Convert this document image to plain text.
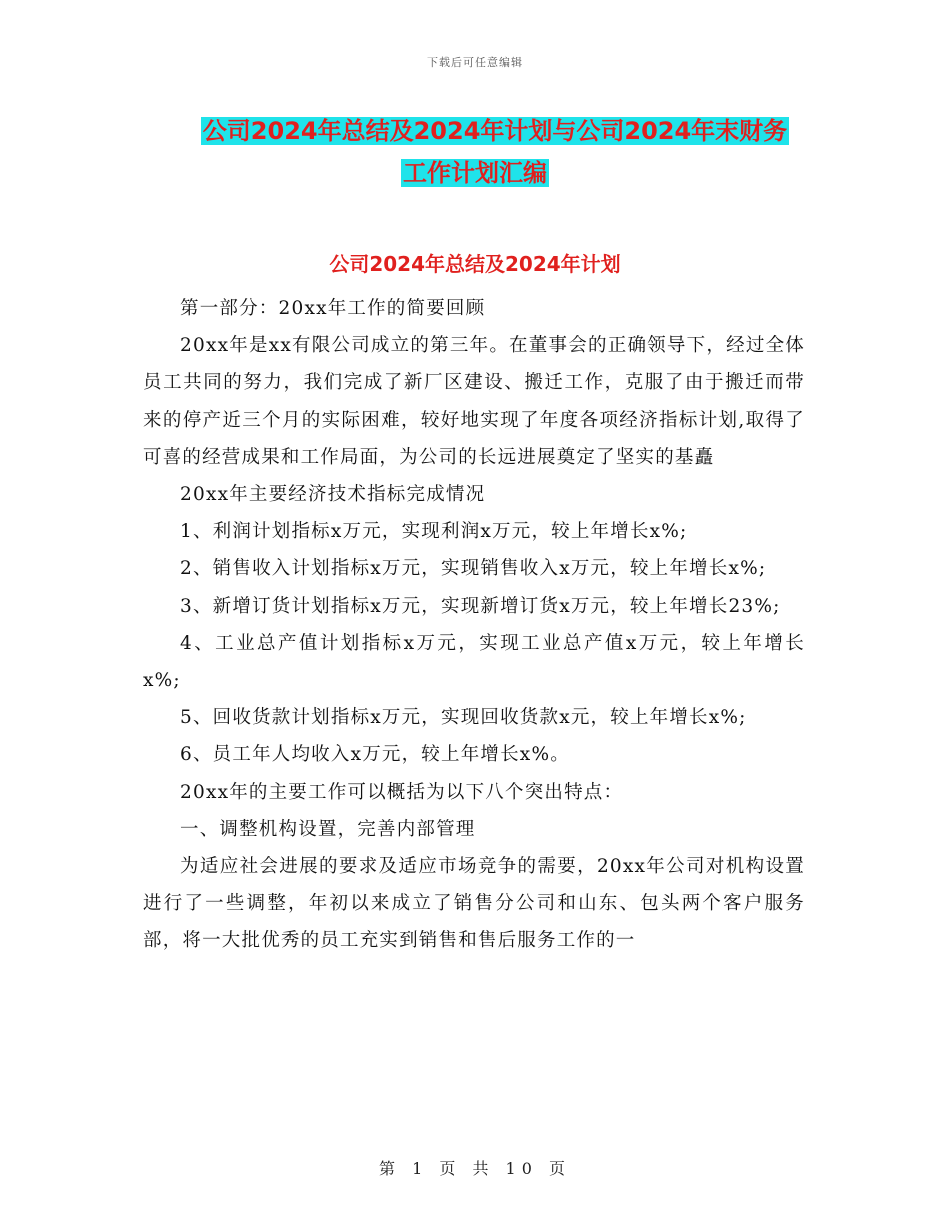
下载后可任意编辑
公司2024年总结及2024年计划与公司2024年末财务
工作计划汇编
公司2024年总结及2024年计划

第一部分：20xx年工作的简要回顾

20xx年是xx有限公司成立的第三年。在董事会的正确领导下，经过全体员工共同的努力，我们完成了新厂区建设、搬迁工作，克服了由于搬迁而带来的停产近三个月的实际困难，较好地实现了年度各项经济指标计划,取得了可喜的经营成果和工作局面，为公司的长远进展奠定了坚实的基矗

20xx年主要经济技术指标完成情况

1、利润计划指标x万元，实现利润x万元，较上年增长x%;

2、销售收入计划指标x万元，实现销售收入x万元，较上年增长x%;

3、新增订货计划指标x万元，实现新增订货x万元，较上年增长23%;

4、工业总产值计划指标x万元，实现工业总产值x万元，较上年增长x%;

5、回收货款计划指标x万元，实现回收货款x元，较上年增长x%;

6、员工年人均收入x万元，较上年增长x%。

20xx年的主要工作可以概括为以下八个突出特点：

一、调整机构设置，完善内部管理

为适应社会进展的要求及适应市场竞争的需要，20xx年公司对机构设置进行了一些调整，年初以来成立了销售分公司和山东、包头两个客户服务部，将一大批优秀的员工充实到销售和售后服务工作的一

第 1 页 共 10 页
